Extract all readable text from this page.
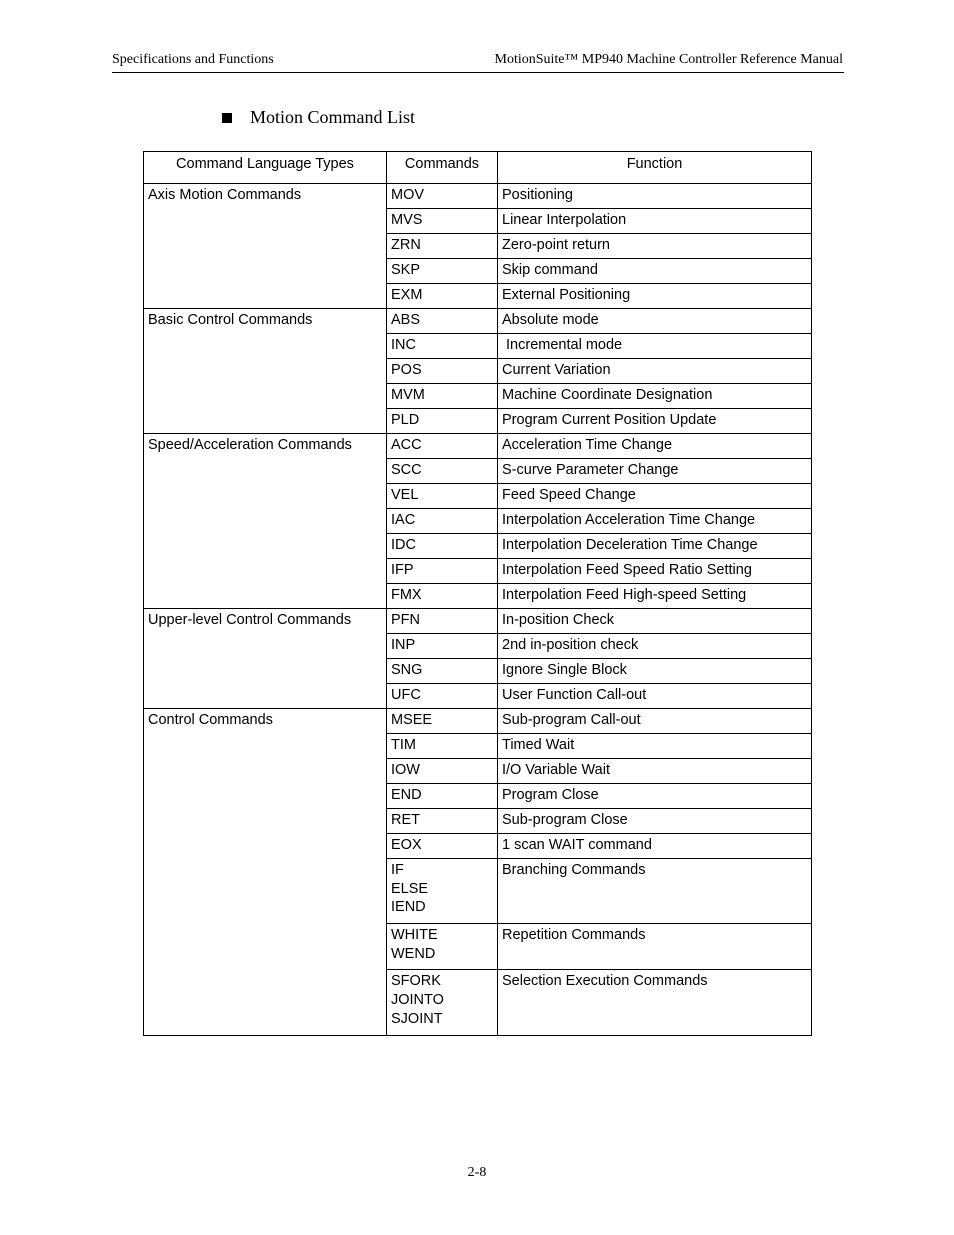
Specifications and Functions	MotionSuite™ MP940 Machine Controller Reference Manual
Motion Command List
Command Language Types	Commands	Function
Axis Motion Commands	MOV	Positioning
	MVS	Linear Interpolation
	ZRN	Zero-point return
	SKP	Skip command
	EXM	External Positioning
Basic Control Commands	ABS	Absolute mode
	INC	Incremental mode
	POS	Current Variation
	MVM	Machine Coordinate Designation
	PLD	Program Current Position Update
Speed/Acceleration Commands	ACC	Acceleration Time Change
	SCC	S-curve Parameter Change
	VEL	Feed Speed Change
	IAC	Interpolation Acceleration Time Change
	IDC	Interpolation Deceleration Time Change
	IFP	Interpolation Feed Speed Ratio Setting
	FMX	Interpolation Feed High-speed Setting
Upper-level Control Commands	PFN	In-position Check
	INP	2nd in-position check
	SNG	Ignore Single Block
	UFC	User Function Call-out
Control Commands	MSEE	Sub-program Call-out
	TIM	Timed Wait
	IOW	I/O Variable Wait
	END	Program Close
	RET	Sub-program Close
	EOX	1 scan WAIT command
	IF
ELSE
IEND	Branching Commands
	WHITE
WEND	Repetition Commands
	SFORK
JOINTO
SJOINT	Selection Execution Commands
2-8
